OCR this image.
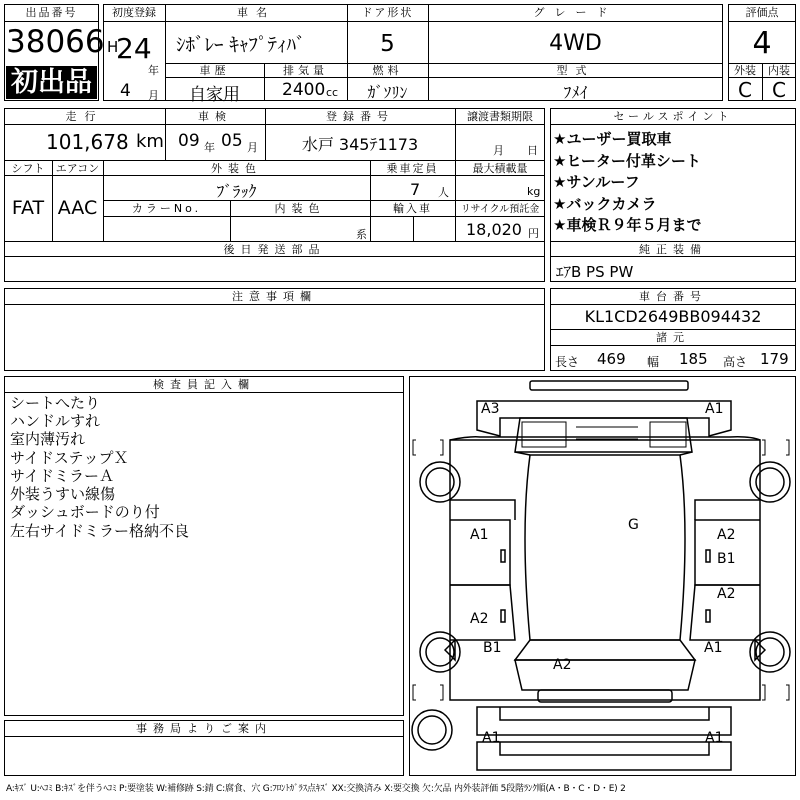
出品番号
38066
初出品
初度登録
H
24
年
4 月
車名
ｼﾎﾞﾚｰ ｷｬﾌﾟﾃｨﾊﾞ
ドア形状
5
グレード
4WD
車歴
自家用
排気量
2400 cc
燃料
ｶﾞｿﾘﾝ
型式
ﾌﾒｲ
評価点
4
外装	内装
C	C
走行
101,678 km
車検
09 年 05 月
登録番号
水戸 345ﾃ1173
譲渡書類期限
月 日
シフト
FAT
エアコン
AAC
外装色
ﾌﾞﾗｯｸ
乗車定員
7 人
最大積載量
kg
カラーNo.	内装色
系
輸入車	リサイクル預託金
18,020 円
後日発送部品
セールスポイント
★ユーザー買取車
★ヒーター付革シート
★サンルーフ
★バックカメラ
★車検Ｒ９年５月まで
純正装備
ｴｱB PS PW
車台番号
KL1CD2649BB094432
諸元
長さ 469 幅 185 高さ 179
注意事項欄
検査員記入欄
シートへたり
ハンドルすれ
室内薄汚れ
サイドステップＸ
サイドミラーＡ
外装うすい線傷
ダッシュボードのり付
左右サイドミラー格納不良
事務局よりご案内
A3	A1
G
A1	A2
B1
A2
A2
B1	A1
A2
A1	A1
A:ｷｽﾞ U:ﾍｺﾐ B:ｷｽﾞを伴うﾍｺﾐ P:要塗装 W:補修跡 S:錆 C:腐食、穴 G:ﾌﾛﾝﾄｶﾞﾗｽ点ｷｽﾞ XX:交換済み X:要交換 欠:欠品 内外装評価 5段階ﾗﾝｸ順(A・B・C・D・E) 2
